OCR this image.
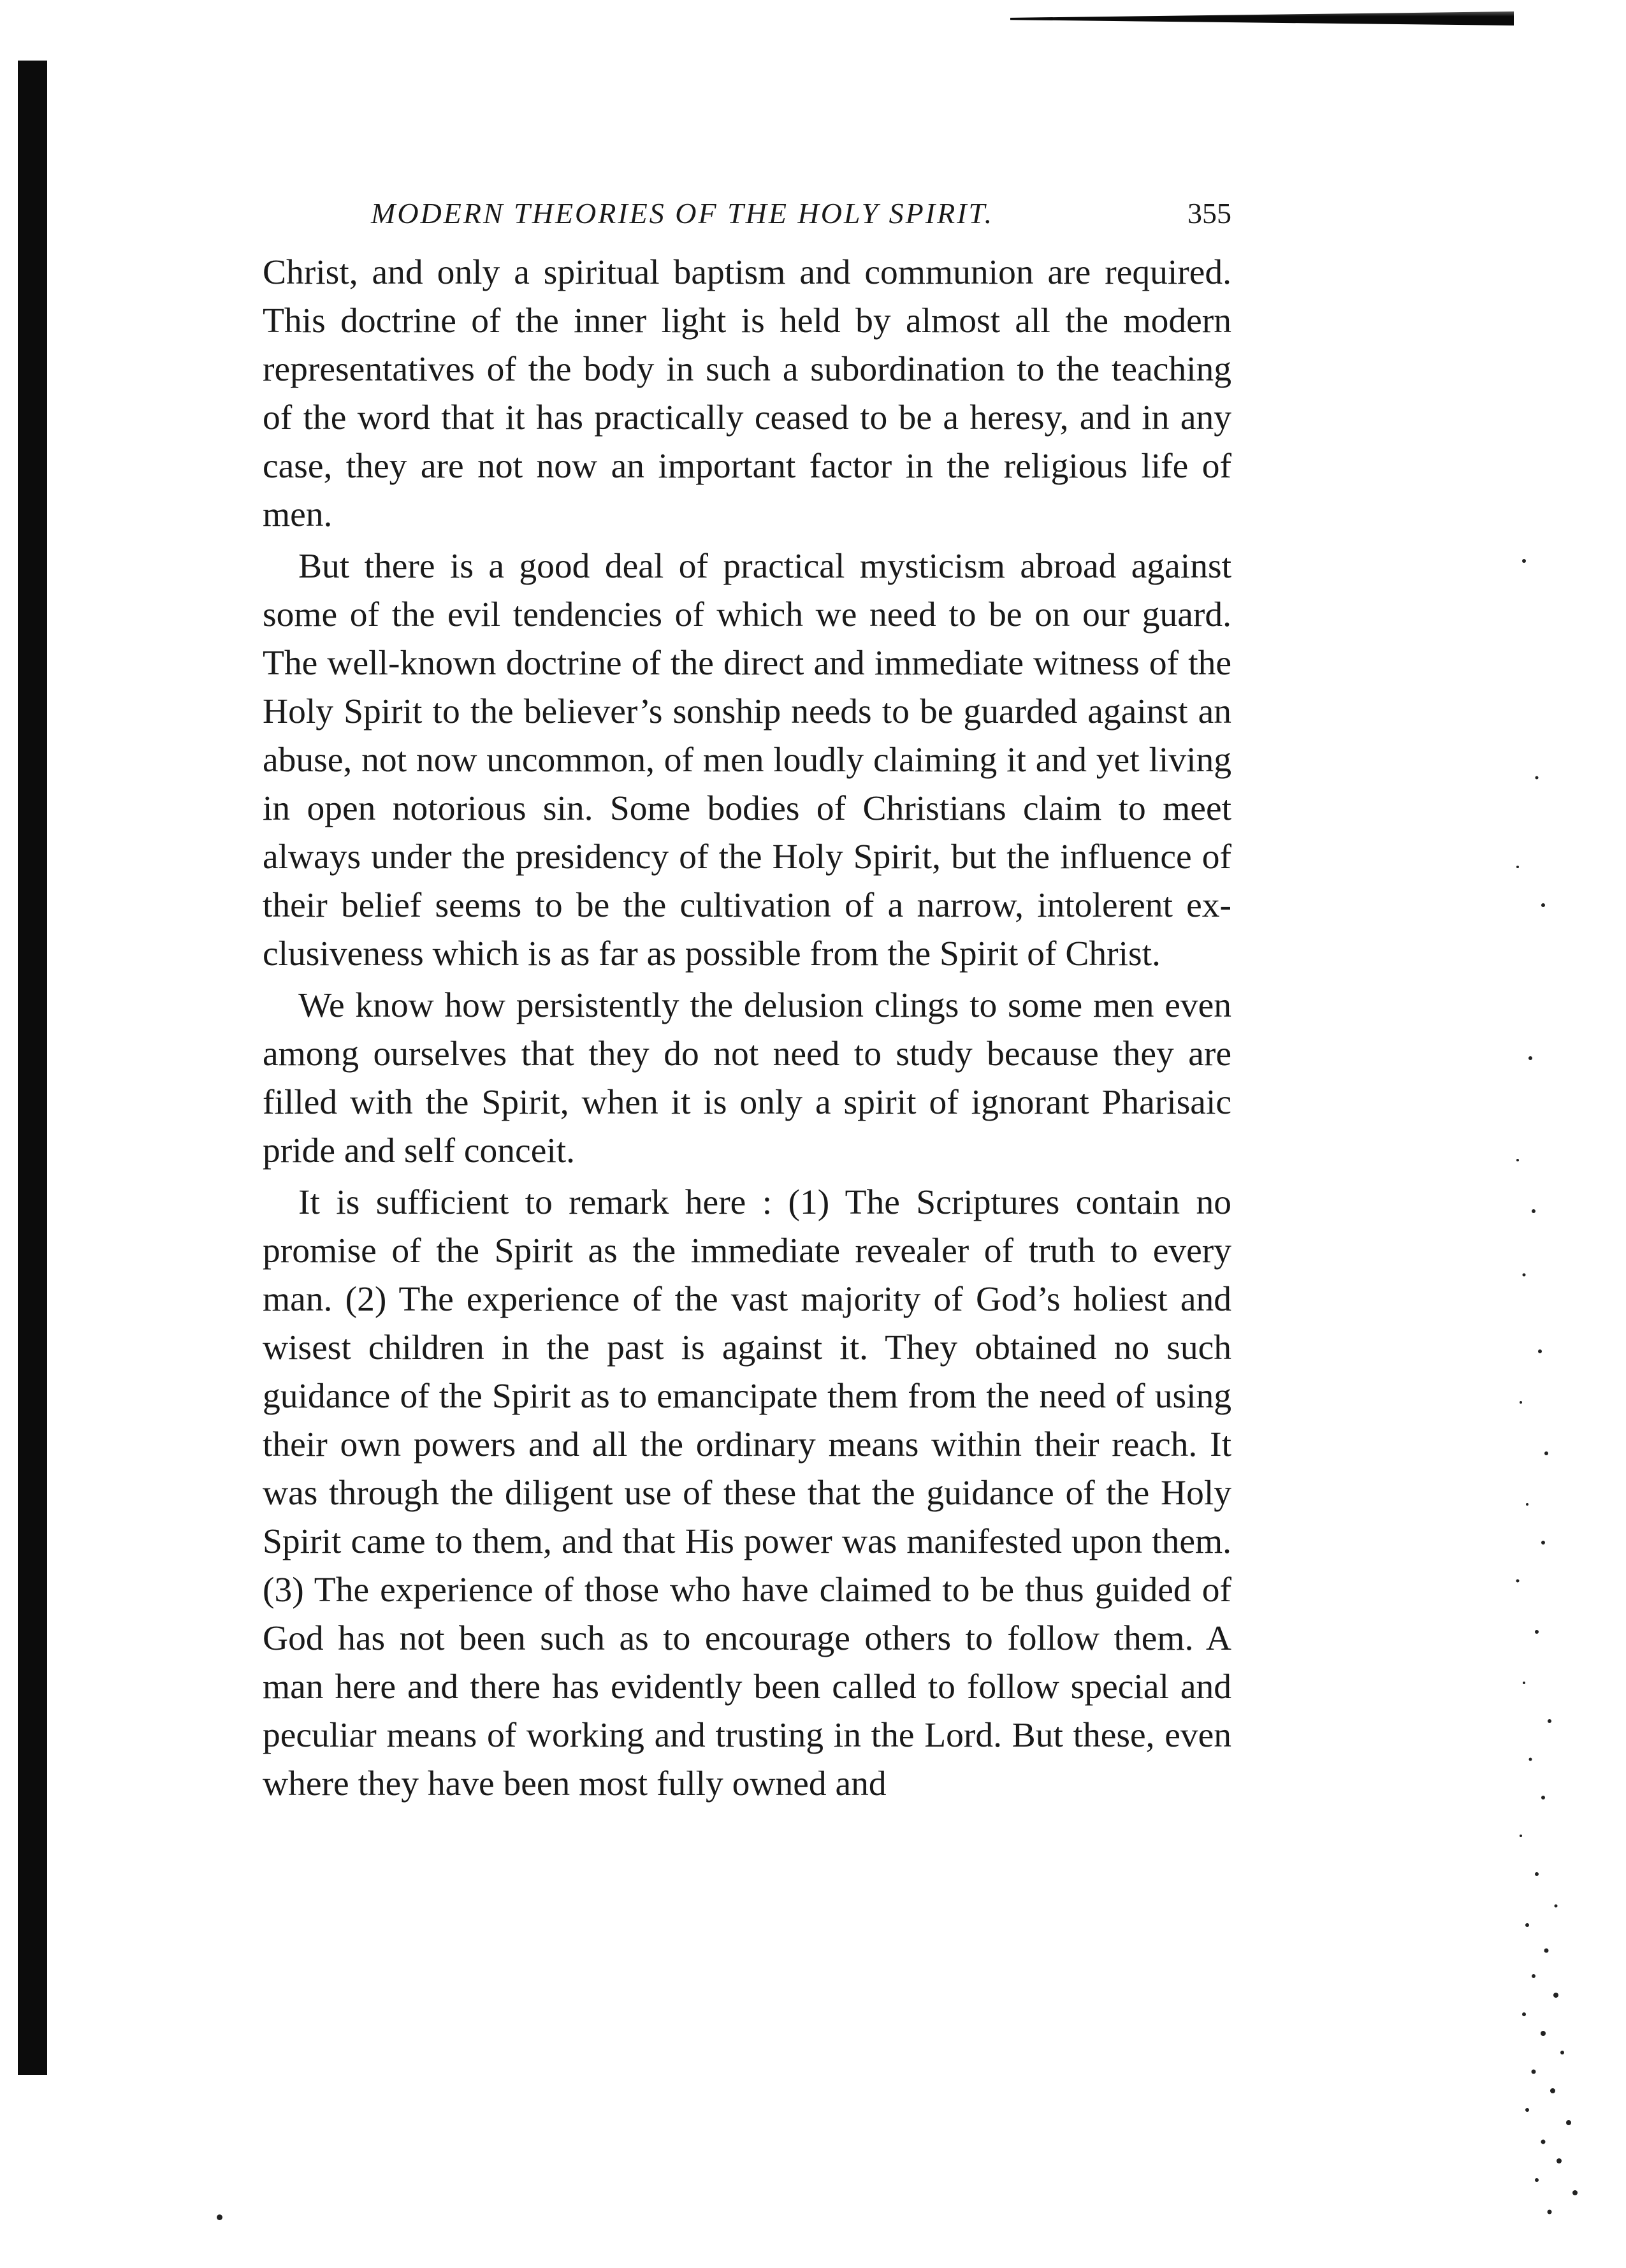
MODERN THEORIES OF THE HOLY SPIRIT.	355

Christ, and only a spiritual baptism and communion are required. This doctrine of the inner light is held by almost all the modern representatives of the body in such a subordination to the teaching of the word that it has practically ceased to be a heresy, and in any case, they are not now an important factor in the religious life of men.

But there is a good deal of practical mysticism abroad against some of the evil tendencies of which we need to be on our guard. The well-known doctrine of the direct and immediate witness of the Holy Spirit to the believer’s sonship needs to be guarded against an abuse, not now uncommon, of men loudly claiming it and yet living in open notorious sin. Some bodies of Christians claim to meet always under the presidency of the Holy Spirit, but the influence of their belief seems to be the cultivation of a narrow, intolerent exclusiveness which is as far as possible from the Spirit of Christ.

We know how persistently the delusion clings to some men even among ourselves that they do not need to study because they are filled with the Spirit, when it is only a spirit of ignorant Pharisaic pride and self conceit.

It is sufficient to remark here : (1) The Scriptures contain no promise of the Spirit as the immediate revealer of truth to every man. (2) The experience of the vast majority of God’s holiest and wisest children in the past is against it. They obtained no such guidance of the Spirit as to emancipate them from the need of using their own powers and all the ordinary means within their reach. It was through the diligent use of these that the guidance of the Holy Spirit came to them, and that His power was manifested upon them. (3) The experience of those who have claimed to be thus guided of God has not been such as to encourage others to follow them. A man here and there has evidently been called to follow special and peculiar means of working and trusting in the Lord. But these, even where they have been most fully owned and
